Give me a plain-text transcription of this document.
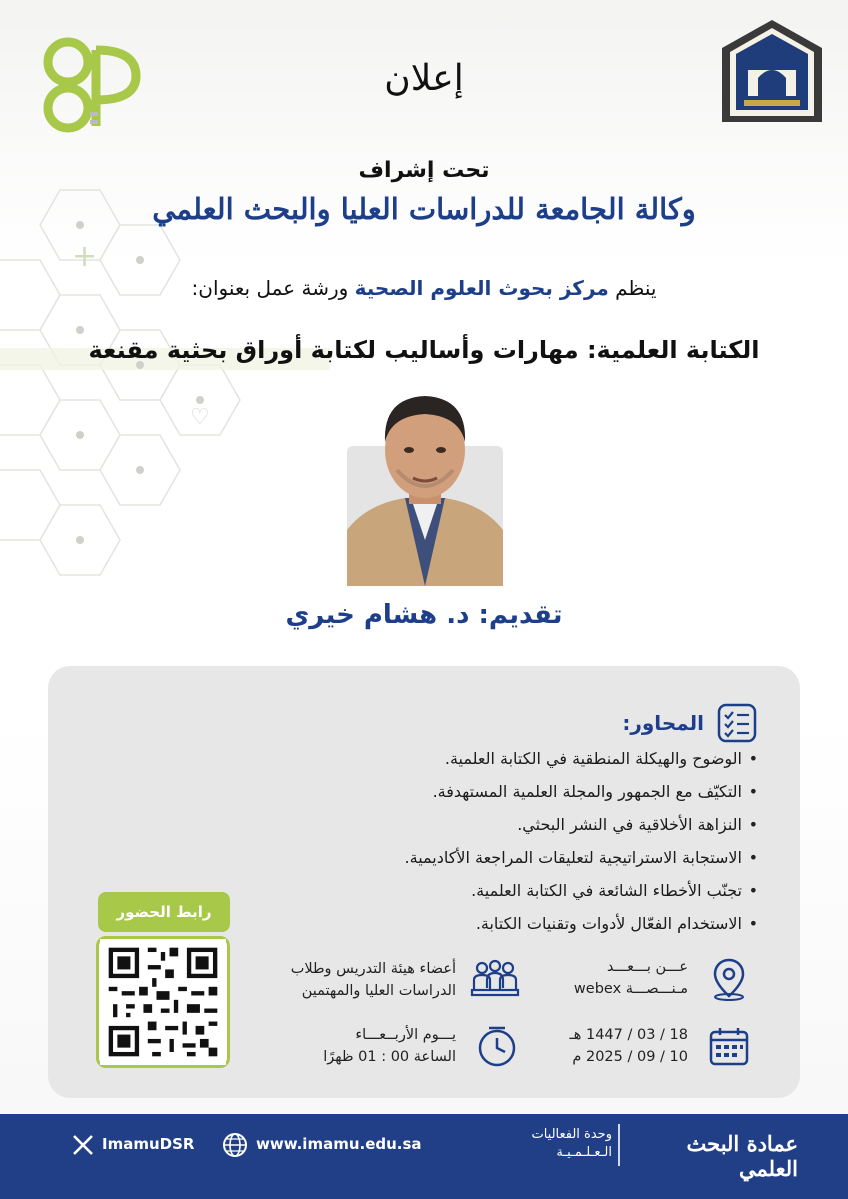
+
♡
إعلان
تحت إشراف
وكالة الجامعة للدراسات العليا والبحث العلمي
ينظم مركز بحوث العلوم الصحية ورشة عمل بعنوان:
الكتابة العلمية: مهارات وأساليب لكتابة أوراق بحثية مقنعة
تقديم: د. هشام خيري
المحاور:
• الوضوح والهيكلة المنطقية في الكتابة العلمية.
• التكيّف مع الجمهور والمجلة العلمية المستهدفة.
• النزاهة الأخلاقية في النشر البحثي.
• الاستجابة الاستراتيجية لتعليقات المراجعة الأكاديمية.
• تجنّب الأخطاء الشائعة في الكتابة العلمية.
• الاستخدام الفعّال لأدوات وتقنيات الكتابة.
رابط الحضور
عـــن بـــعـــد
مـنـــصـــة webex
أعضاء هيئة التدريس وطلاب
الدراسات العليا والمهتمين
18 / 03 / 1447 هـ
10 / 09 / 2025 م
يـــوم الأربــعـــاء
الساعة 00 : 01 ظهرًا
ImamuDSR	www.imamu.edu.sa
وحدة الفعاليات
الـعـلـمـيـة	عمادة البحث العلمي
